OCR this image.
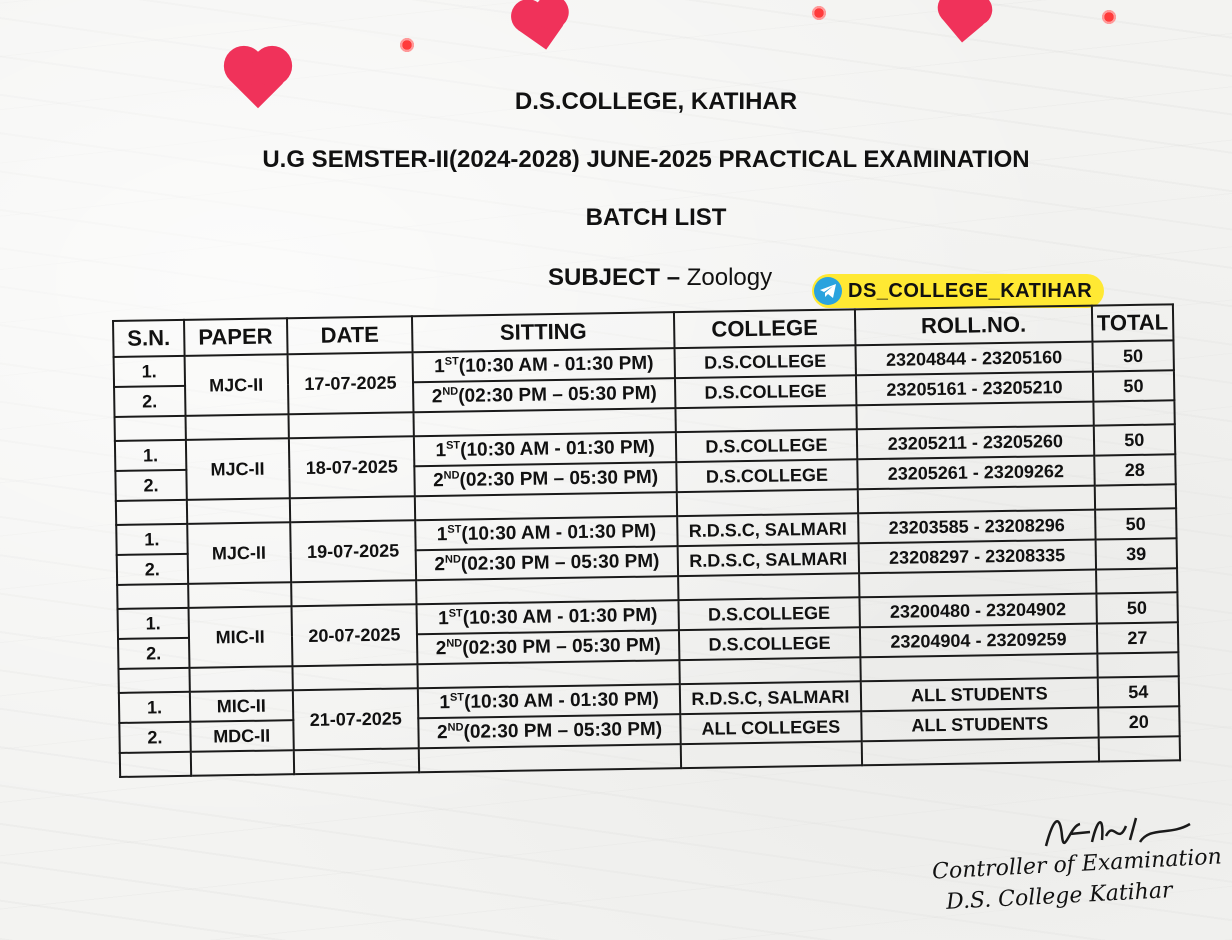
D.S.COLLEGE, KATIHAR
U.G SEMSTER-II(2024-2028) JUNE-2025 PRACTICAL EXAMINATION
BATCH LIST
SUBJECT – Zoology	DS_COLLEGE_KATIHAR
S.N.	PAPER	DATE	SITTING	COLLEGE	ROLL.NO.	TOTAL
1.	MJC-II	17-07-2025	1ST(10:30 AM - 01:30 PM)	D.S.COLLEGE	23204844 - 23205160	50
2.			2ND(02:30 PM – 05:30 PM)	D.S.COLLEGE	23205161 - 23205210	50

1.	MJC-II	18-07-2025	1ST(10:30 AM - 01:30 PM)	D.S.COLLEGE	23205211 - 23205260	50
2.			2ND(02:30 PM – 05:30 PM)	D.S.COLLEGE	23205261 - 23209262	28

1.	MJC-II	19-07-2025	1ST(10:30 AM - 01:30 PM)	R.D.S.C, SALMARI	23203585 - 23208296	50
2.			2ND(02:30 PM – 05:30 PM)	R.D.S.C, SALMARI	23208297 - 23208335	39

1.	MIC-II	20-07-2025	1ST(10:30 AM - 01:30 PM)	D.S.COLLEGE	23200480 - 23204902	50
2.			2ND(02:30 PM – 05:30 PM)	D.S.COLLEGE	23204904 - 23209259	27

1.	MIC-II	21-07-2025	1ST(10:30 AM - 01:30 PM)	R.D.S.C, SALMARI	ALL STUDENTS	54
2.	MDC-II		2ND(02:30 PM – 05:30 PM)	ALL COLLEGES	ALL STUDENTS	20

Controller of Examination
D.S. College Katihar
